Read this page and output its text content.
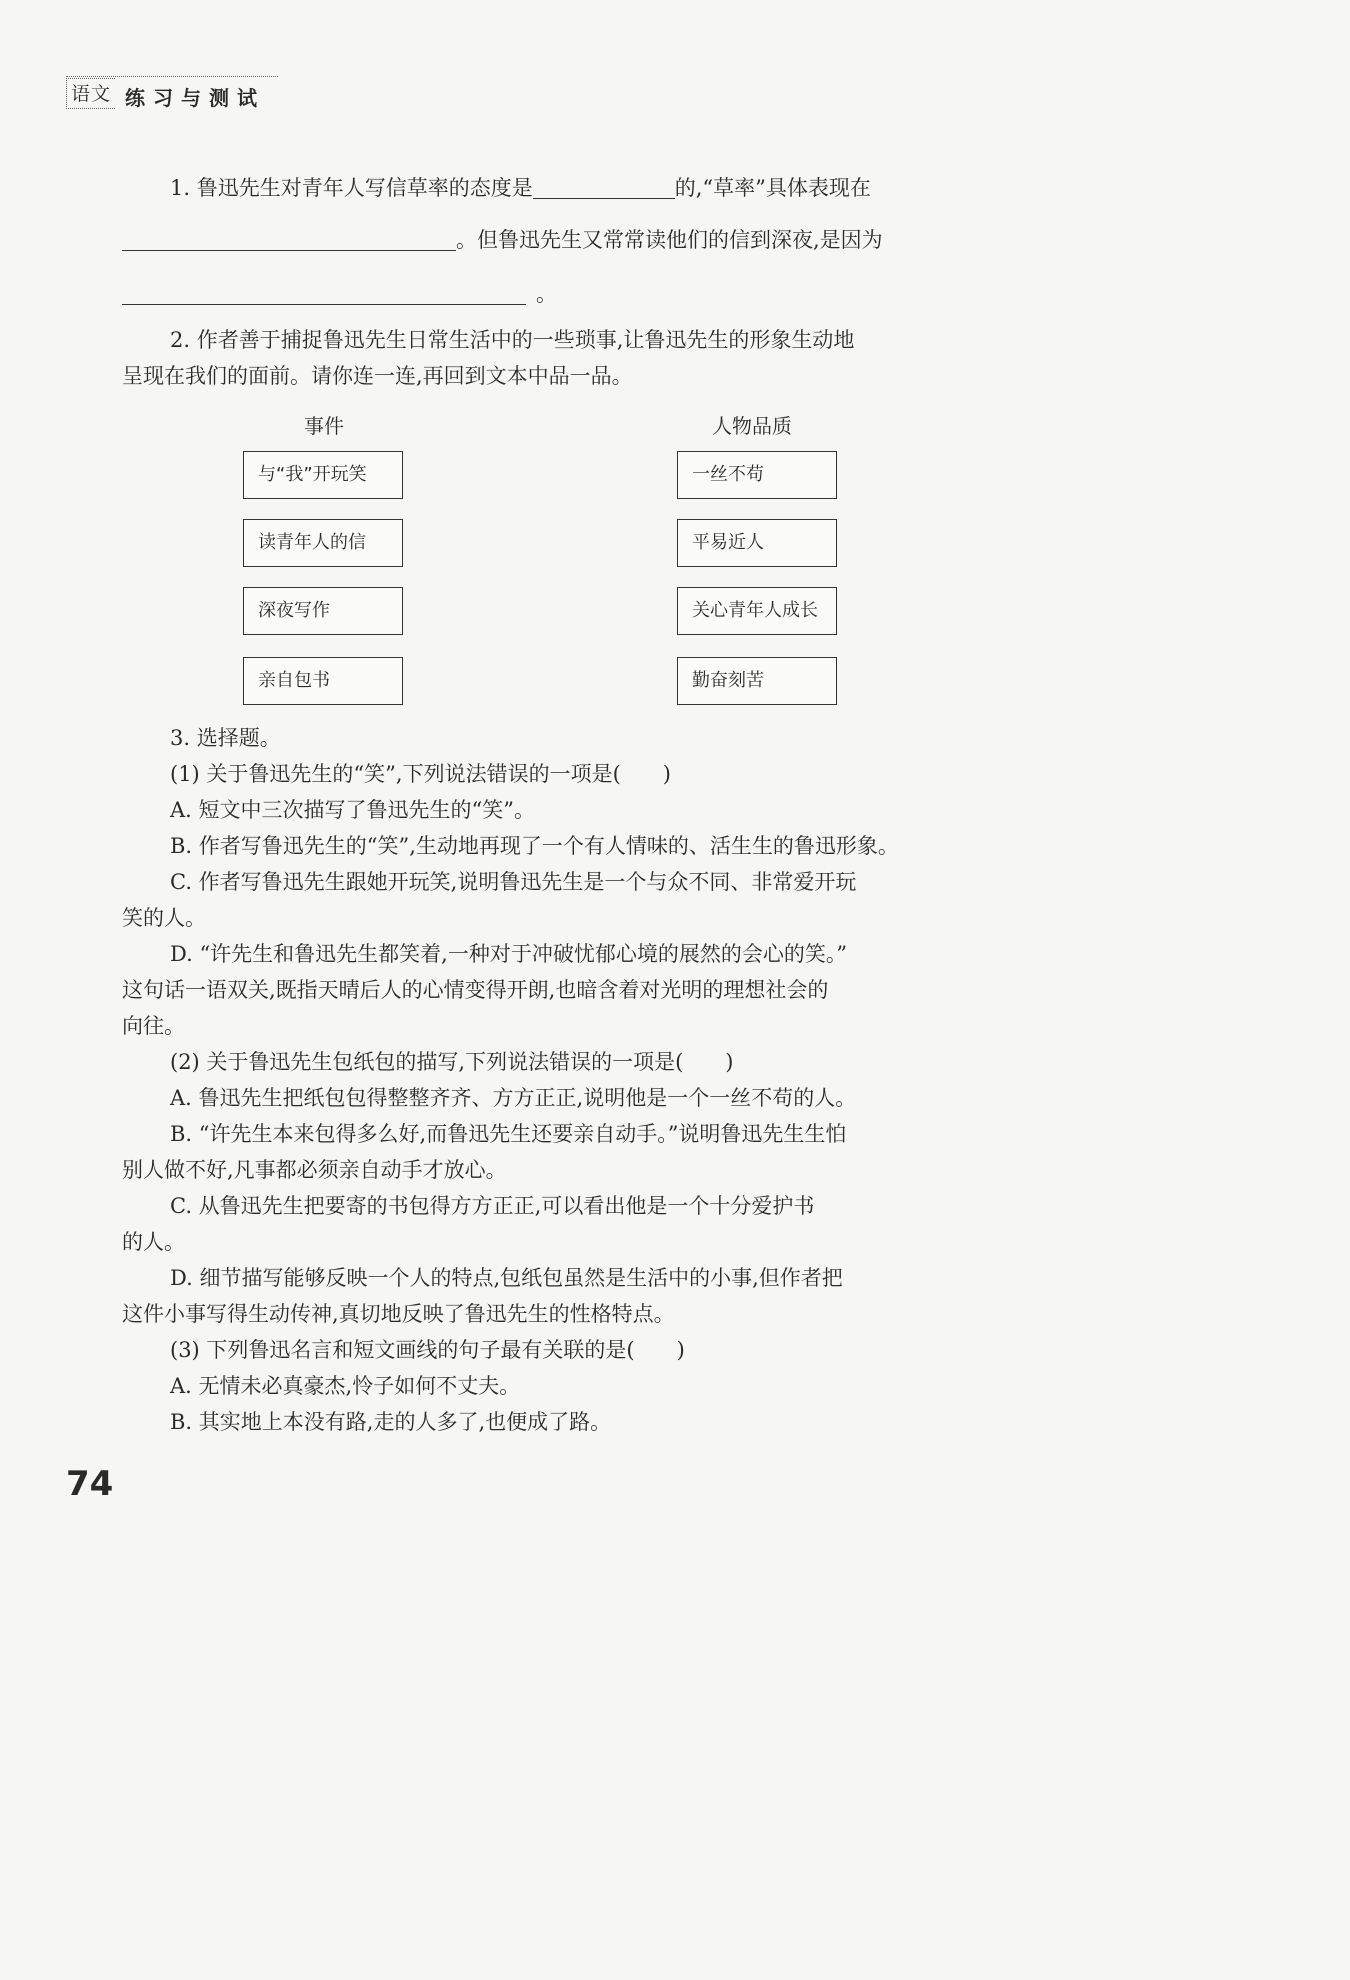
语文 练习与测试
1. 鲁迅先生对青年人写信草率的态度是	的,“草率”具体表现在
。但鲁迅先生又常常读他们的信到深夜,是因为
。
2. 作者善于捕捉鲁迅先生日常生活中的一些琐事,让鲁迅先生的形象生动地
呈现在我们的面前。请你连一连,再回到文本中品一品。
事件	人物品质
与“我”开玩笑
读青年人的信
深夜写作
亲自包书
一丝不苟
平易近人
关心青年人成长
勤奋刻苦
3. 选择题。
(1) 关于鲁迅先生的“笑”,下列说法错误的一项是(　　)
A. 短文中三次描写了鲁迅先生的“笑”。
B. 作者写鲁迅先生的“笑”,生动地再现了一个有人情味的、活生生的鲁迅形象。
C. 作者写鲁迅先生跟她开玩笑,说明鲁迅先生是一个与众不同、非常爱开玩
笑的人。
D. “许先生和鲁迅先生都笑着,一种对于冲破忧郁心境的展然的会心的笑。”
这句话一语双关,既指天晴后人的心情变得开朗,也暗含着对光明的理想社会的
向往。
(2) 关于鲁迅先生包纸包的描写,下列说法错误的一项是(　　)
A. 鲁迅先生把纸包包得整整齐齐、方方正正,说明他是一个一丝不苟的人。
B. “许先生本来包得多么好,而鲁迅先生还要亲自动手。”说明鲁迅先生生怕
别人做不好,凡事都必须亲自动手才放心。
C. 从鲁迅先生把要寄的书包得方方正正,可以看出他是一个十分爱护书
的人。
D. 细节描写能够反映一个人的特点,包纸包虽然是生活中的小事,但作者把
这件小事写得生动传神,真切地反映了鲁迅先生的性格特点。
(3) 下列鲁迅名言和短文画线的句子最有关联的是(　　)
A. 无情未必真豪杰,怜子如何不丈夫。
B. 其实地上本没有路,走的人多了,也便成了路。
74
